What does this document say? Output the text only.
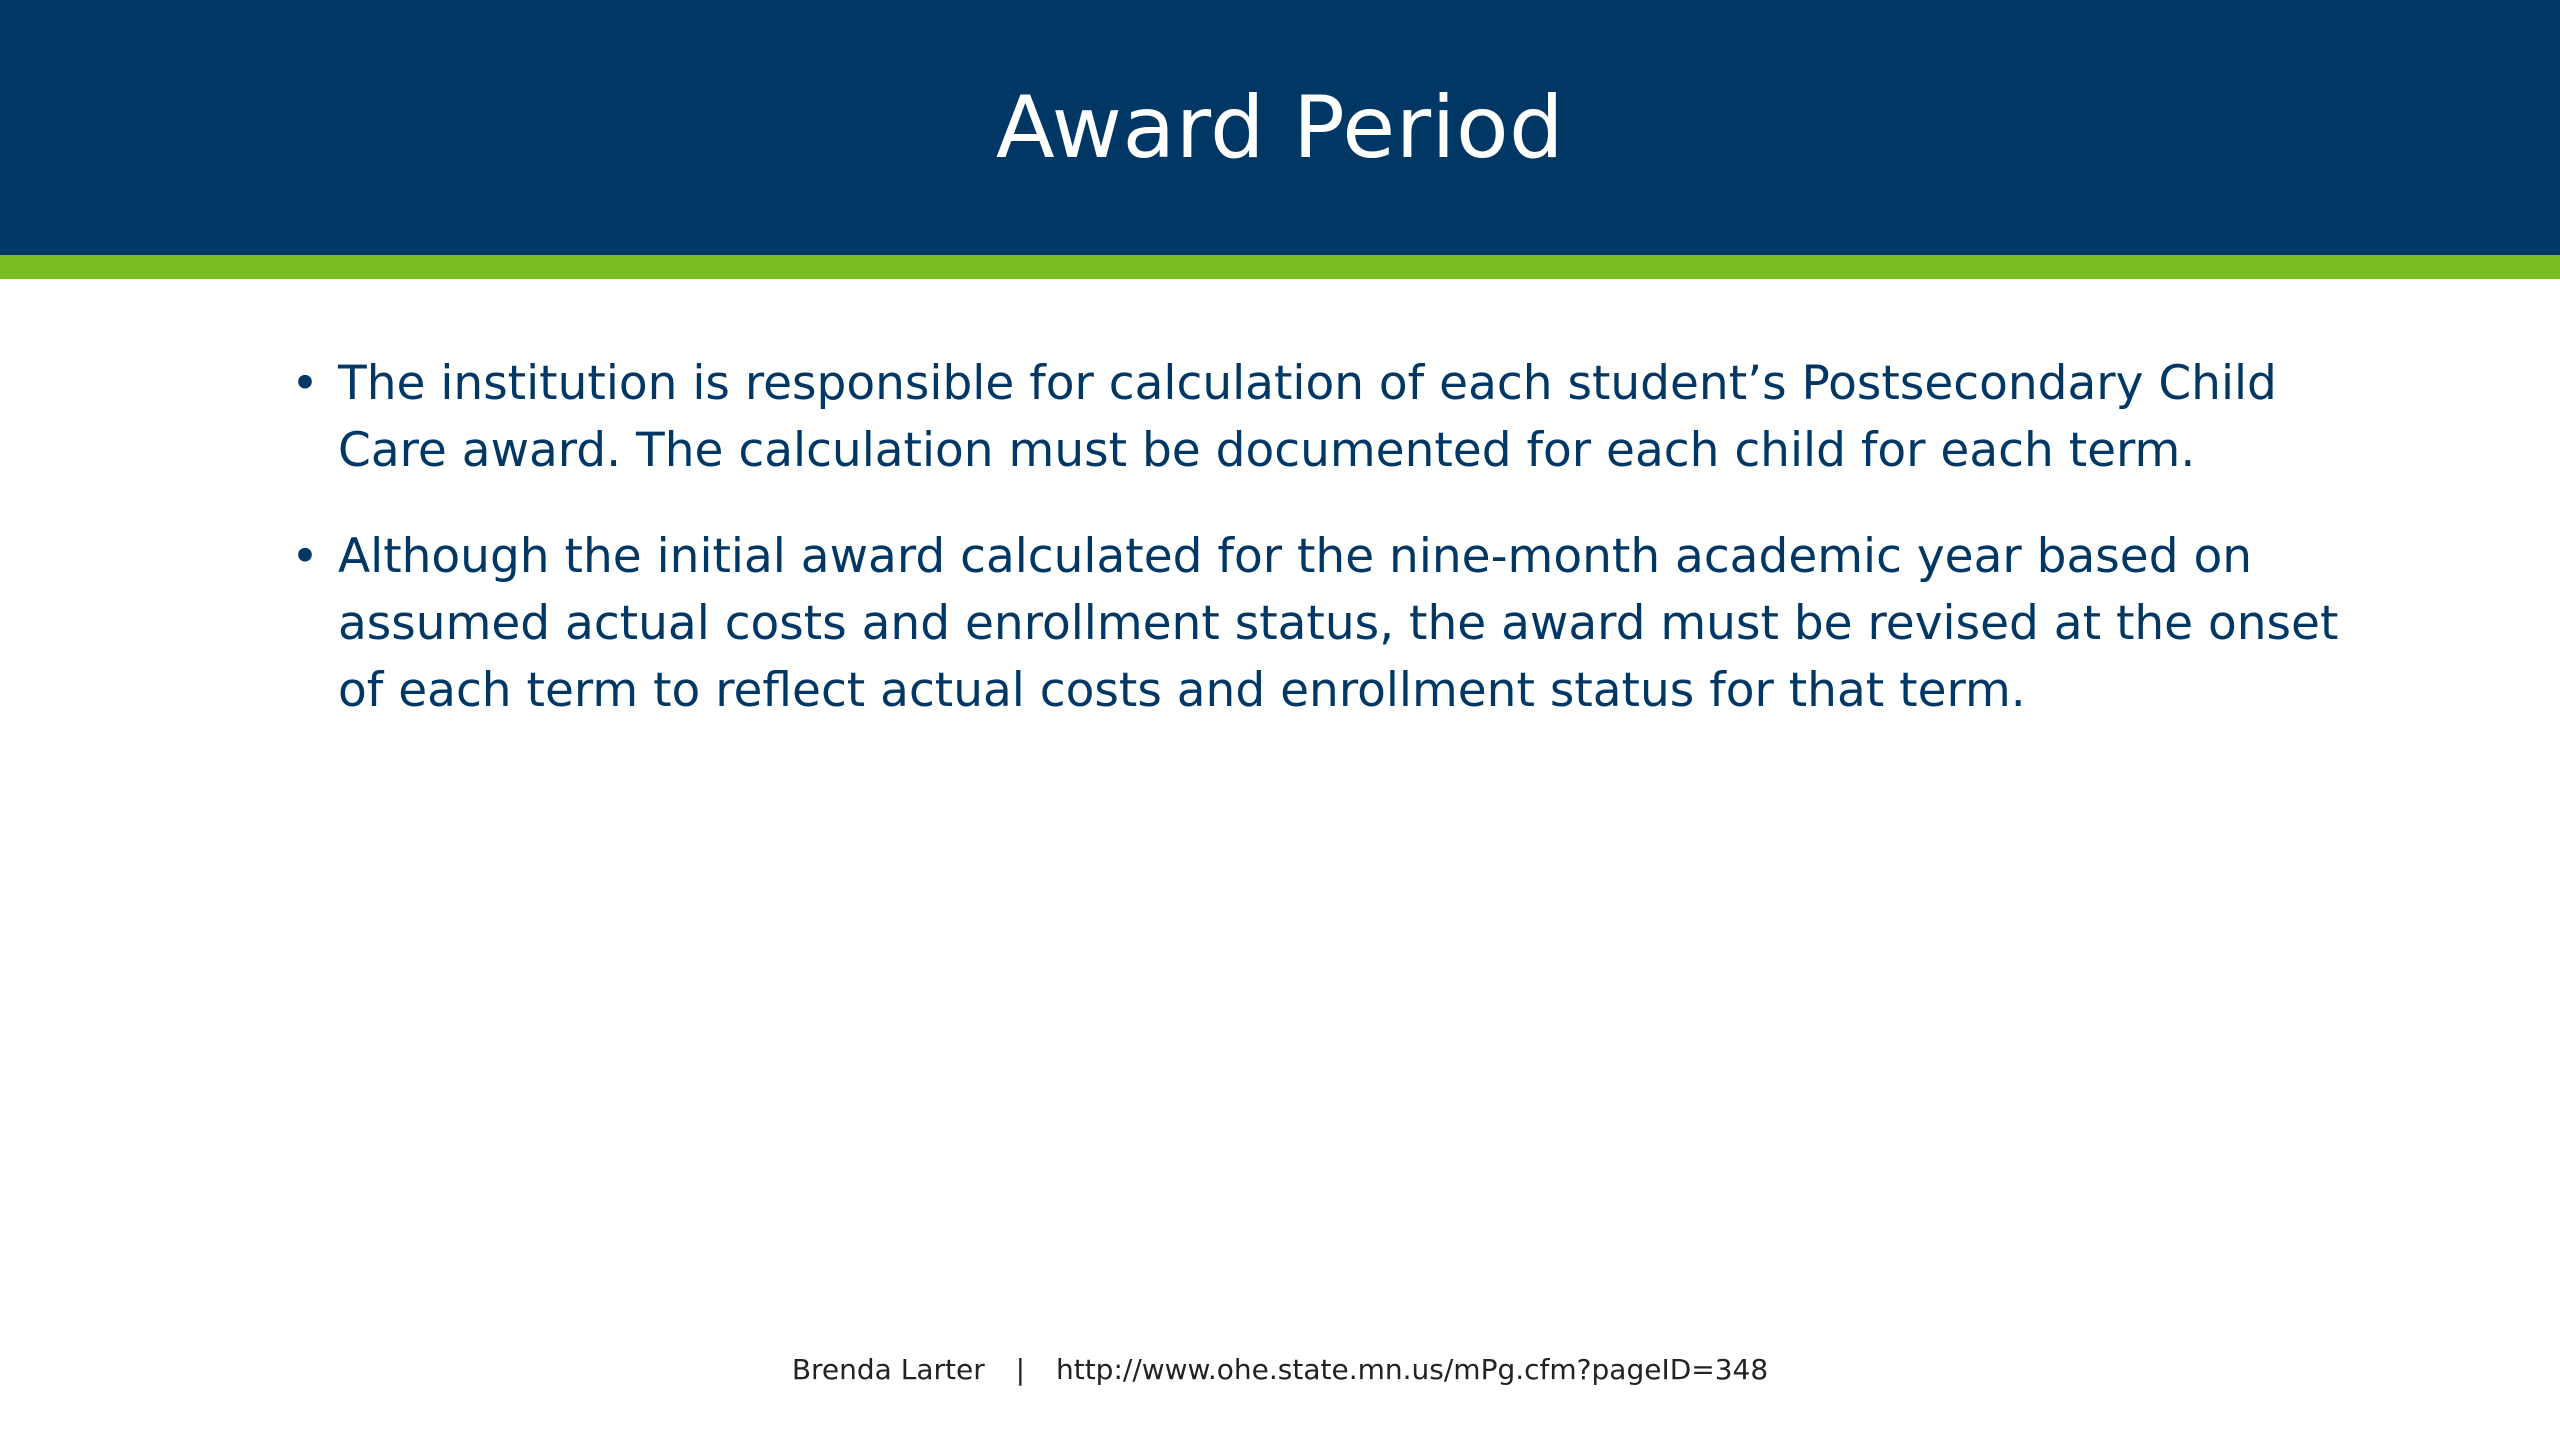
Award Period
• The institution is responsible for calculation of each student’s Postsecondary Child Care award. The calculation must be documented for each child for each term.
• Although the initial award calculated for the nine-month academic year based on assumed actual costs and enrollment status, the award must be revised at the onset of each term to reflect actual costs and enrollment status for that term.
Brenda Larter | http://www.ohe.state.mn.us/mPg.cfm?pageID=348
